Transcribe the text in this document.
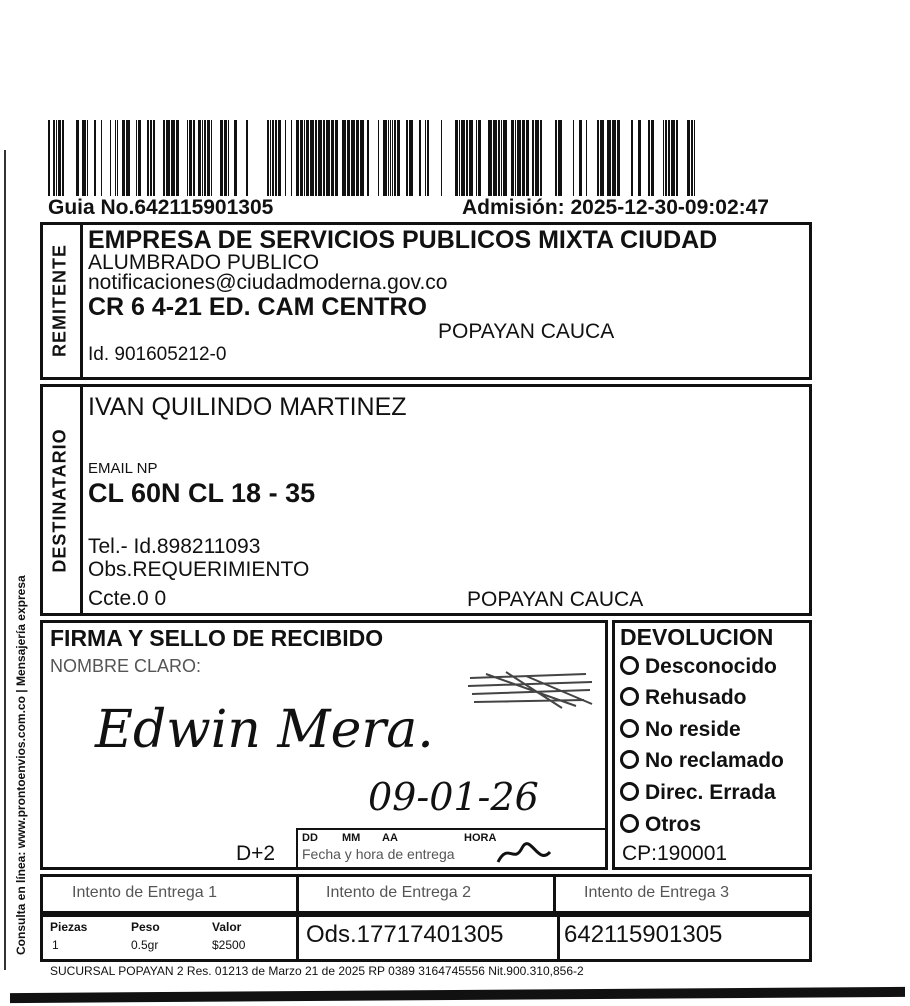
Consulta en línea: www.prontoenvios.com.co | Mensajería expresa
Guia No.642115901305	Admisión: 2025-12-30-09:02:47
REMITENTE
EMPRESA DE SERVICIOS PUBLICOS MIXTA CIUDAD
ALUMBRADO PUBLICO
notificaciones@ciudadmoderna.gov.co
CR 6 4-21 ED. CAM CENTRO
POPAYAN CAUCA
Id. 901605212-0
DESTINATARIO
IVAN QUILINDO MARTINEZ
EMAIL NP
CL 60N CL 18 - 35
Tel.- Id.898211093
Obs.REQUERIMIENTO
Ccte.0 0	POPAYAN CAUCA
FIRMA Y SELLO DE RECIBIDO
NOMBRE CLARO:
Edwin Mera.
09-01-26
D+2
DD MM AA	HORA
Fecha y hora de entrega
DEVOLUCION
Desconocido
Rehusado
No reside
No reclamado
Direc. Errada
Otros
CP:190001
Intento de Entrega 1	Intento de Entrega 2	Intento de Entrega 3
Piezas	Peso	Valor
1	0.5gr	$2500	Ods.17717401305	642115901305
SUCURSAL POPAYAN 2 Res. 01213 de Marzo 21 de 2025 RP 0389 3164745556 Nit.900.310,856-2
